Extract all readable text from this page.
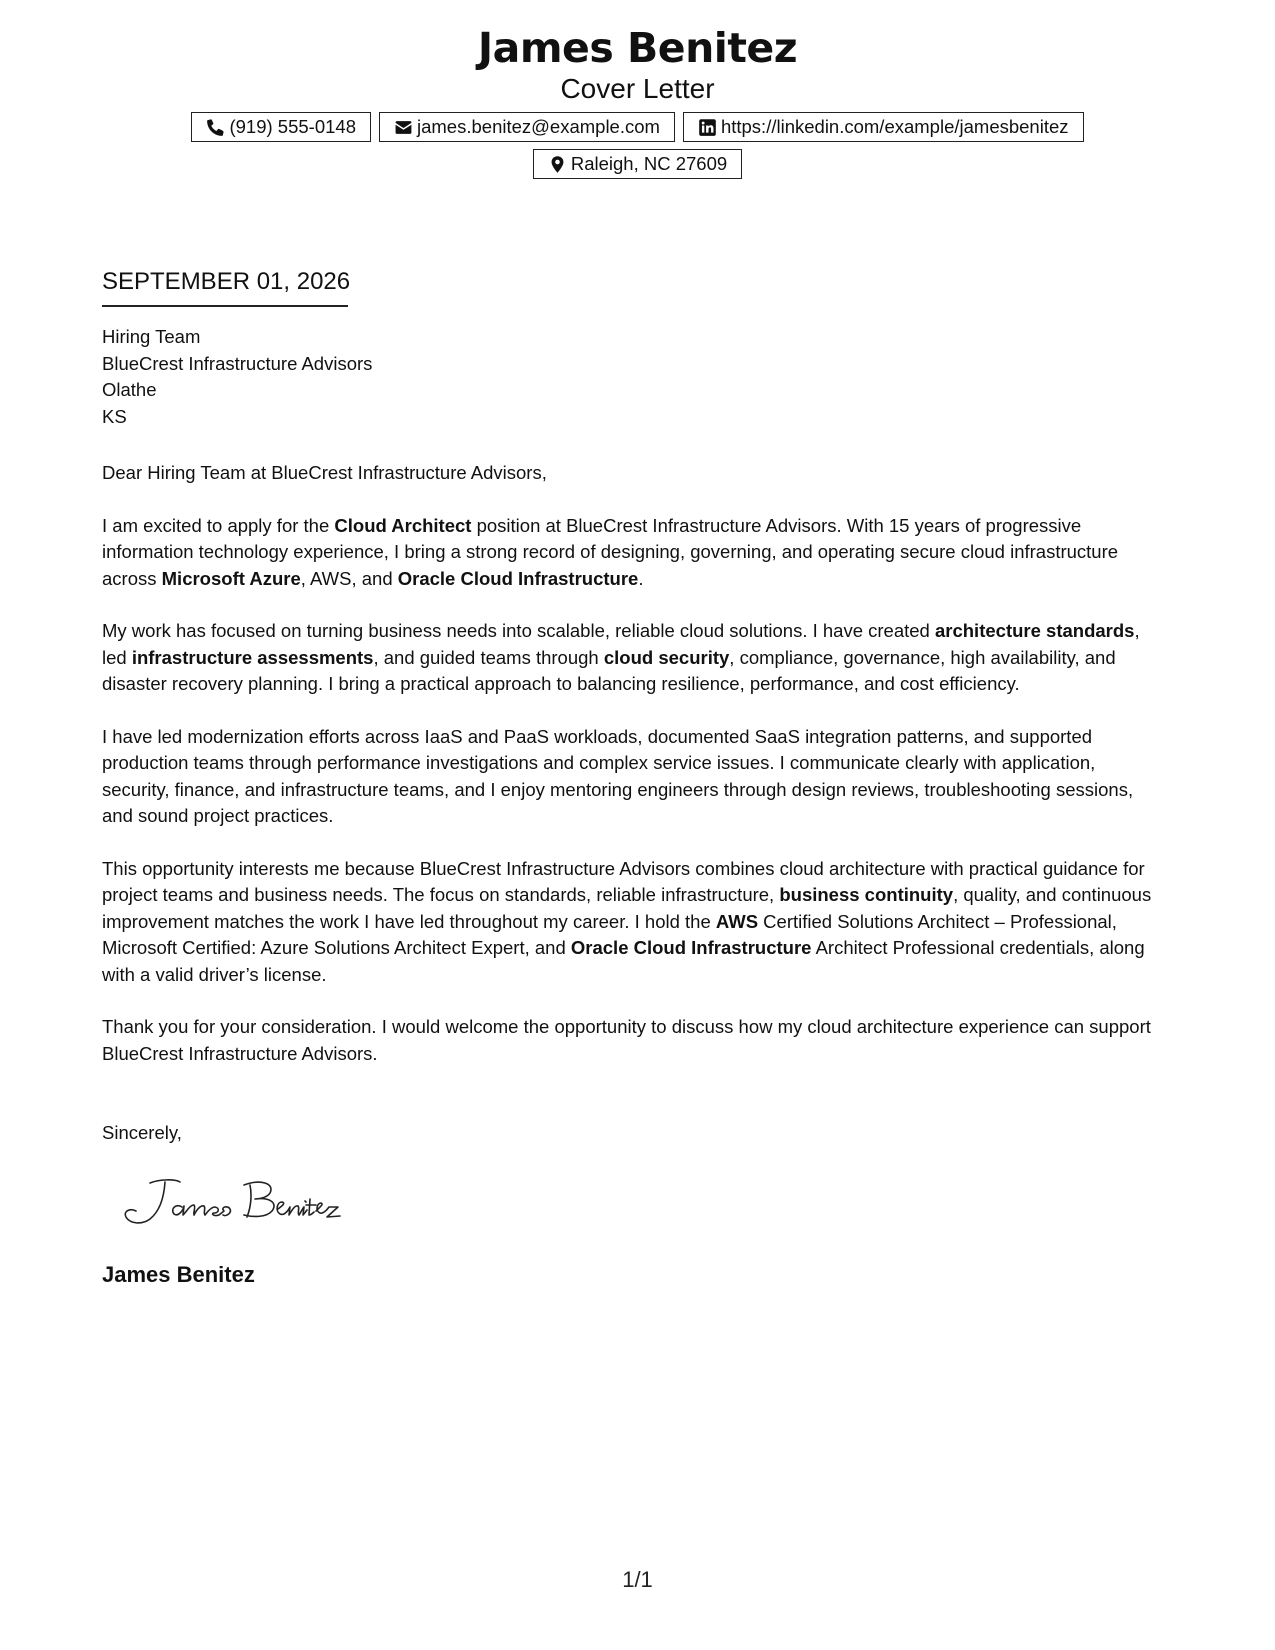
James Benitez
Cover Letter
(919) 555-0148	james.benitez@example.com	https://linkedin.com/example/jamesbenitez
Raleigh, NC 27609
SEPTEMBER 01, 2026
Hiring Team
BlueCrest Infrastructure Advisors
Olathe
KS

Dear Hiring Team at BlueCrest Infrastructure Advisors,

I am excited to apply for the Cloud Architect position at BlueCrest Infrastructure Advisors. With 15 years of progressive information technology experience, I bring a strong record of designing, governing, and operating secure cloud infrastructure across Microsoft Azure, AWS, and Oracle Cloud Infrastructure.

My work has focused on turning business needs into scalable, reliable cloud solutions. I have created architecture standards, led infrastructure assessments, and guided teams through cloud security, compliance, governance, high availability, and disaster recovery planning. I bring a practical approach to balancing resilience, performance, and cost efficiency.

I have led modernization efforts across IaaS and PaaS workloads, documented SaaS integration patterns, and supported production teams through performance investigations and complex service issues. I communicate clearly with application, security, finance, and infrastructure teams, and I enjoy mentoring engineers through design reviews, troubleshooting sessions, and sound project practices.

This opportunity interests me because BlueCrest Infrastructure Advisors combines cloud architecture with practical guidance for project teams and business needs. The focus on standards, reliable infrastructure, business continuity, quality, and continuous improvement matches the work I have led throughout my career. I hold the AWS Certified Solutions Architect – Professional, Microsoft Certified: Azure Solutions Architect Expert, and Oracle Cloud Infrastructure Architect Professional credentials, along with a valid driver’s license.

Thank you for your consideration. I would welcome the opportunity to discuss how my cloud architecture experience can support BlueCrest Infrastructure Advisors.

Sincerely,
James Benitez
1/1
